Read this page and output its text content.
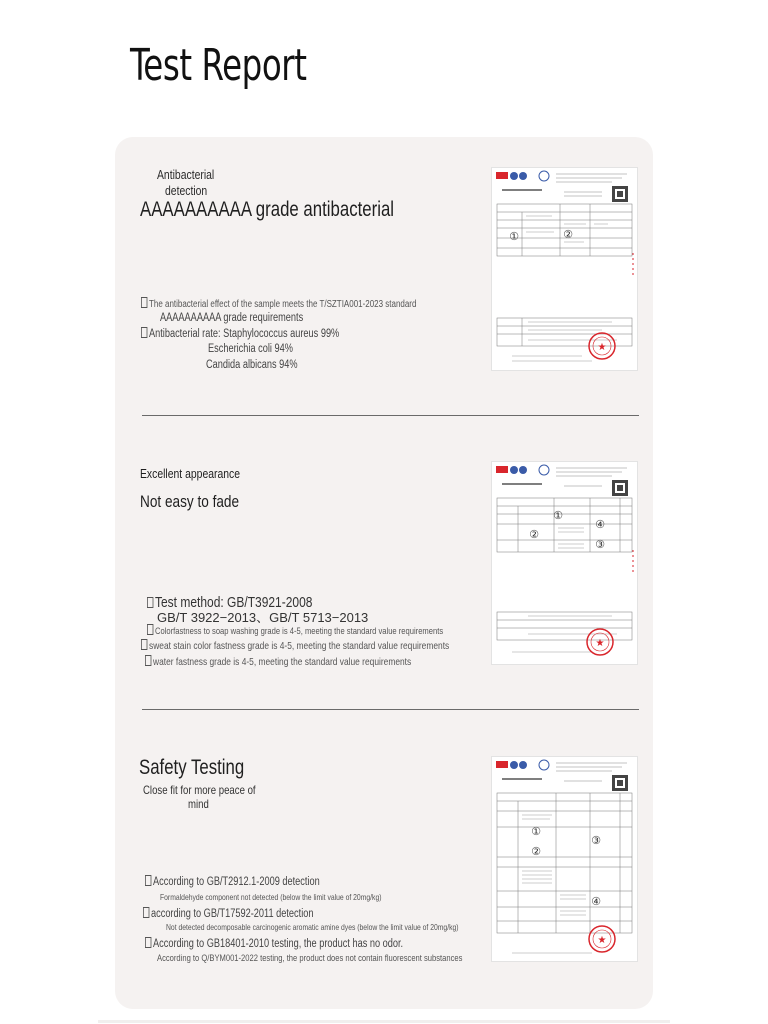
Test Report
Antibacterial
detection
AAAAAAAAAA grade antibacterial
The antibacterial effect of the sample meets the T/SZTIA001-2023 standard
AAAAAAAAAA grade requirements
Antibacterial rate: Staphylococcus aureus 99%
Escherichia coli 94%
Candida albicans 94%
①	②
★
Excellent appearance
Not easy to fade
Test method: GB/T3921-2008
GB/T 3922−2013、GB/T 5713−2013
Colorfastness to soap washing grade is 4-5, meeting the standard value requirements
sweat stain color fastness grade is 4-5, meeting the standard value requirements
water fastness grade is 4-5, meeting the standard value requirements
①
②
④
③
★
Safety Testing
Close fit for more peace of
mind
According to GB/T2912.1-2009 detection
Formaldehyde component not detected (below the limit value of 20mg/kg)
according to GB/T17592-2011 detection
Not detected decomposable carcinogenic aromatic amine dyes (below the limit value of 20mg/kg)
According to GB18401-2010 testing, the product has no odor.
According to Q/BYM001-2022 testing, the product does not contain fluorescent substances
①
③
②
④
★
